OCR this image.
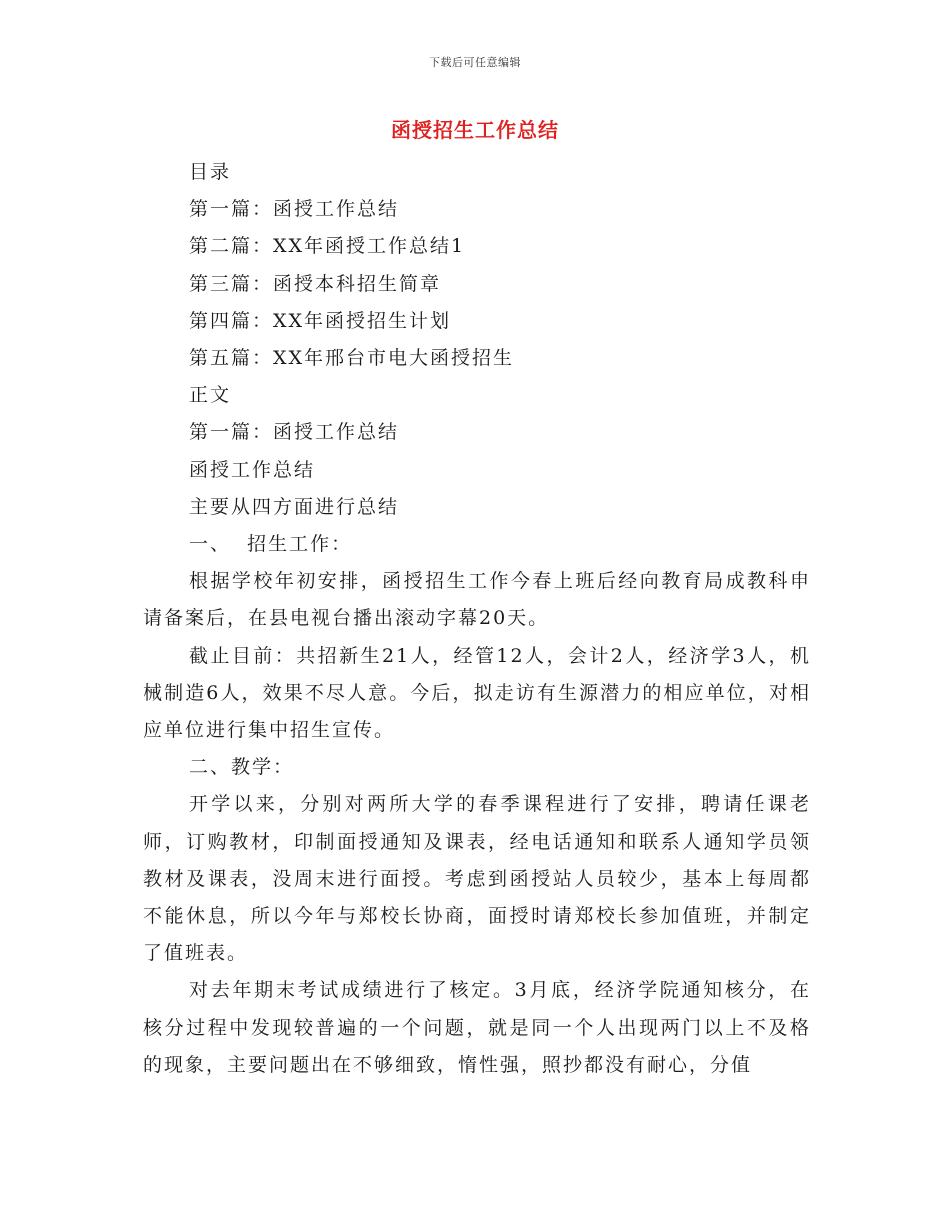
下载后可任意编辑
函授招生工作总结
目录
第一篇：函授工作总结
第二篇：XX年函授工作总结1
第三篇：函授本科招生简章
第四篇：XX年函授招生计划
第五篇：XX年邢台市电大函授招生
正文
第一篇：函授工作总结
函授工作总结
主要从四方面进行总结
一、  招生工作：

根据学校年初安排，函授招生工作今春上班后经向教育局成教科申请备案后，在县电视台播出滚动字幕20天。

截止目前：共招新生21人，经管12人，会计2人，经济学3人，机械制造6人，效果不尽人意。今后，拟走访有生源潜力的相应单位，对相应单位进行集中招生宣传。

二、教学：

开学以来，分别对两所大学的春季课程进行了安排，聘请任课老师，订购教材，印制面授通知及课表，经电话通知和联系人通知学员领教材及课表，没周末进行面授。考虑到函授站人员较少，基本上每周都不能休息，所以今年与郑校长协商，面授时请郑校长参加值班，并制定了值班表。

对去年期末考试成绩进行了核定。3月底，经济学院通知核分，在核分过程中发现较普遍的一个问题，就是同一个人出现两门以上不及格的现象，主要问题出在不够细致，惰性强，照抄都没有耐心，分值
